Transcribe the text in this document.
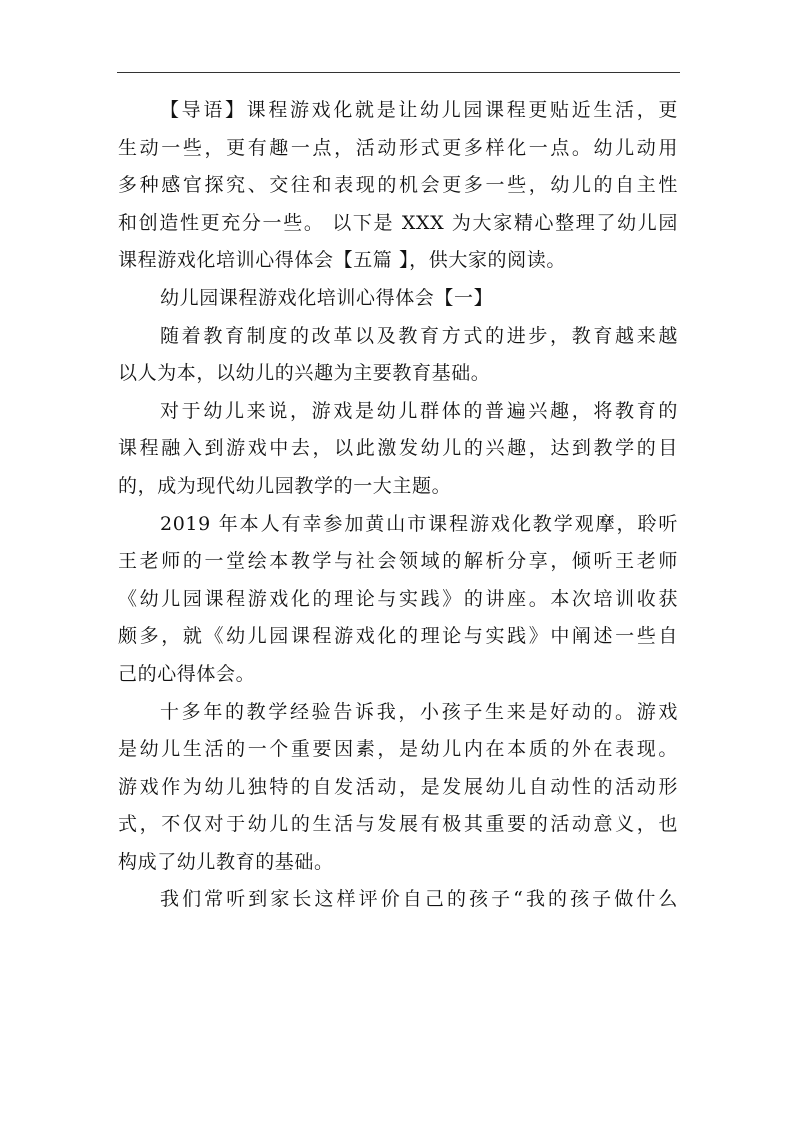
【导语】课程游戏化就是让幼儿园课程更贴近生活，更
生动一些，更有趣一点，活动形式更多样化一点。幼儿动用
多种感官探究、交往和表现的机会更多一些，幼儿的自主性
和创造性更充分一些。 以下是 XXX 为大家精心整理了幼儿园
课程游戏化培训心得体会【五篇 】，供大家的阅读。
幼儿园课程游戏化培训心得体会【一】
随着教育制度的改革以及教育方式的进步，教育越来越
以人为本，以幼儿的兴趣为主要教育基础。
对于幼儿来说，游戏是幼儿群体的普遍兴趣，将教育的
课程融入到游戏中去，以此激发幼儿的兴趣，达到教学的目
的，成为现代幼儿园教学的一大主题。
2019 年本人有幸参加黄山市课程游戏化教学观摩，聆听
王老师的一堂绘本教学与社会领域的解析分享，倾听王老师
《幼儿园课程游戏化的理论与实践》的讲座。本次培训收获
颇多，就《幼儿园课程游戏化的理论与实践》中阐述一些自
己的心得体会。
十多年的教学经验告诉我，小孩子生来是好动的。游戏
是幼儿生活的一个重要因素，是幼儿内在本质的外在表现。
游戏作为幼儿独特的自发活动，是发展幼儿自动性的活动形
式，不仅对于幼儿的生活与发展有极其重要的活动意义，也
构成了幼儿教育的基础。
我们常听到家长这样评价自己的孩子“我的孩子做什么
